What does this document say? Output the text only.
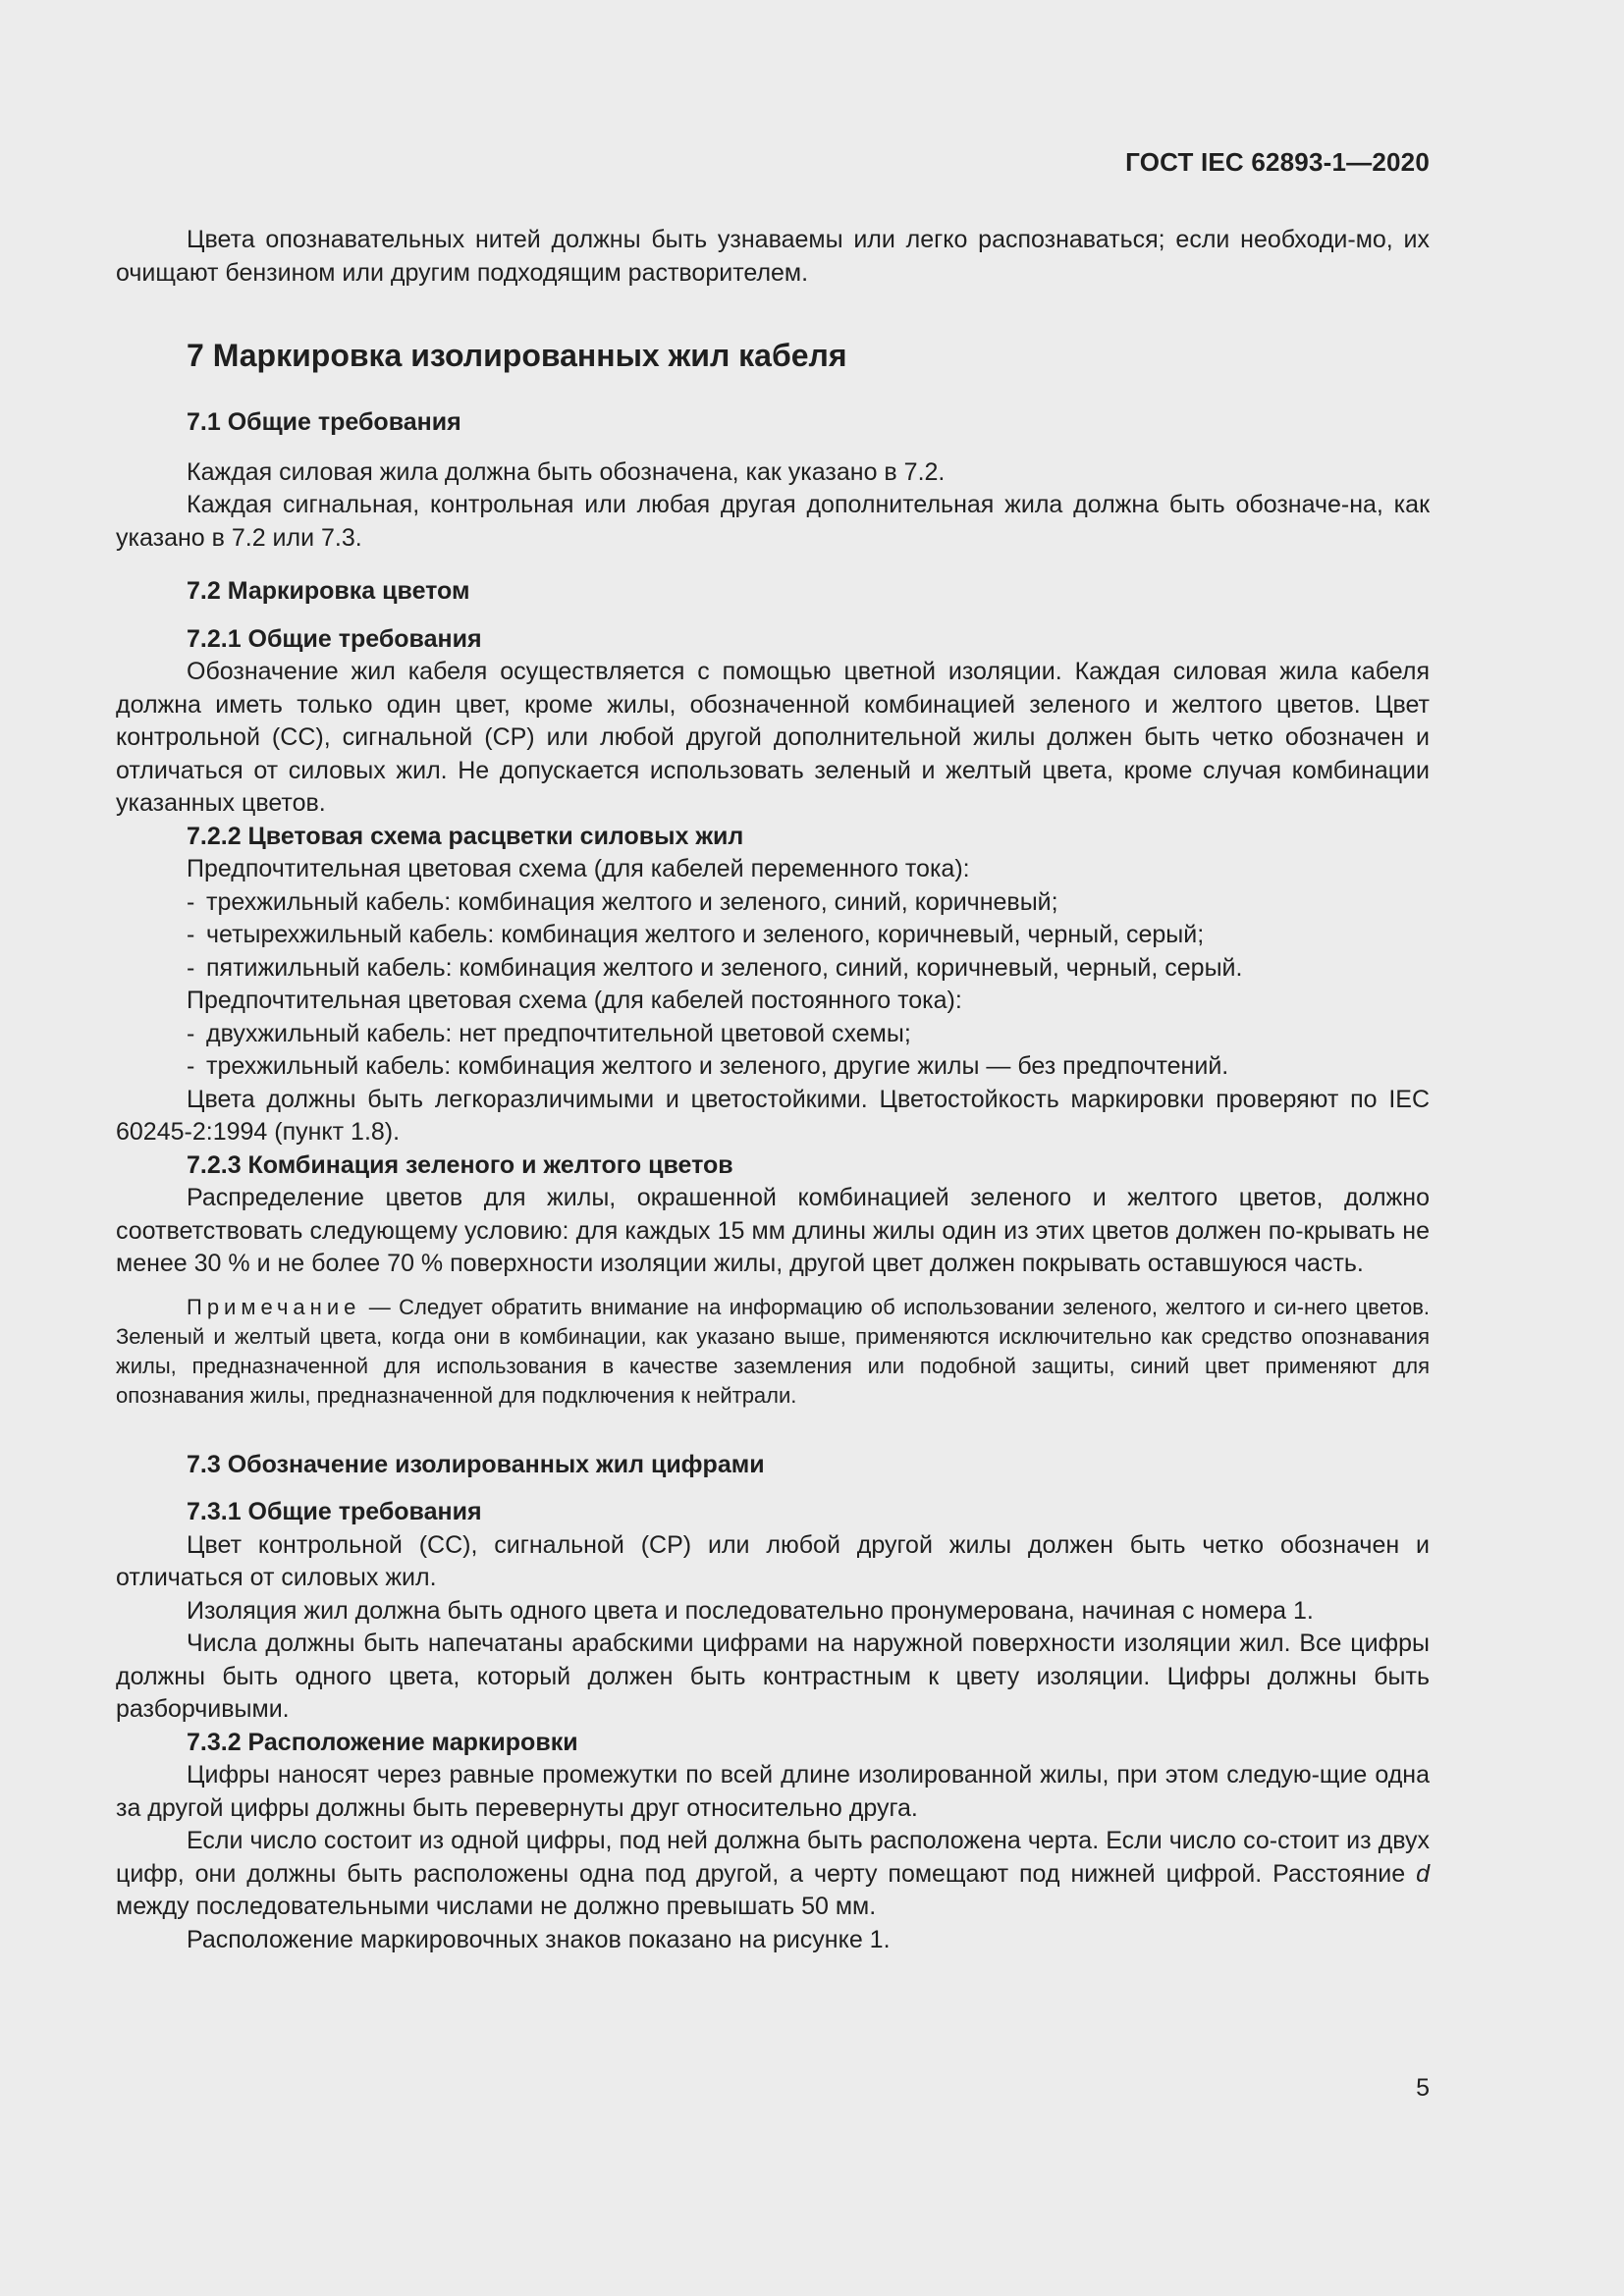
ГОСТ IEC 62893-1—2020

Цвета опознавательных нитей должны быть узнаваемы или легко распознаваться; если необходи-мо, их очищают бензином или другим подходящим растворителем.

7 Маркировка изолированных жил кабеля
7.1 Общие требования

Каждая силовая жила должна быть обозначена, как указано в 7.2.

Каждая сигнальная, контрольная или любая другая дополнительная жила должна быть обозначе-на, как указано в 7.2 или 7.3.

7.2 Маркировка цветом
7.2.1 Общие требования

Обозначение жил кабеля осуществляется с помощью цветной изоляции. Каждая силовая жила кабеля должна иметь только один цвет, кроме жилы, обозначенной комбинацией зеленого и желтого цветов. Цвет контрольной (CC), сигнальной (CP) или любой другой дополнительной жилы должен быть четко обозначен и отличаться от силовых жил. Не допускается использовать зеленый и желтый цвета, кроме случая комбинации указанных цветов.

7.2.2 Цветовая схема расцветки силовых жил

Предпочтительная цветовая схема (для кабелей переменного тока):

- трехжильный кабель: комбинация желтого и зеленого, синий, коричневый;
- четырехжильный кабель: комбинация желтого и зеленого, коричневый, черный, серый;
- пятижильный кабель: комбинация желтого и зеленого, синий, коричневый, черный, серый.

Предпочтительная цветовая схема (для кабелей постоянного тока):

- двухжильный кабель: нет предпочтительной цветовой схемы;
- трехжильный кабель: комбинация желтого и зеленого, другие жилы — без предпочтений.

Цвета должны быть легкоразличимыми и цветостойкими. Цветостойкость маркировки проверяют по IEC 60245-2:1994 (пункт 1.8).

7.2.3 Комбинация зеленого и желтого цветов

Распределение цветов для жилы, окрашенной комбинацией зеленого и желтого цветов, должно соответствовать следующему условию: для каждых 15 мм длины жилы один из этих цветов должен по-крывать не менее 30 % и не более 70 % поверхности изоляции жилы, другой цвет должен покрывать оставшуюся часть.

Примечание — Следует обратить внимание на информацию об использовании зеленого, желтого и си-него цветов. Зеленый и желтый цвета, когда они в комбинации, как указано выше, применяются исключительно как средство опознавания жилы, предназначенной для использования в качестве заземления или подобной защиты, синий цвет применяют для опознавания жилы, предназначенной для подключения к нейтрали.

7.3 Обозначение изолированных жил цифрами
7.3.1 Общие требования

Цвет контрольной (CC), сигнальной (CP) или любой другой жилы должен быть четко обозначен и отличаться от силовых жил.

Изоляция жил должна быть одного цвета и последовательно пронумерована, начиная с номера 1.

Числа должны быть напечатаны арабскими цифрами на наружной поверхности изоляции жил. Все цифры должны быть одного цвета, который должен быть контрастным к цвету изоляции. Цифры должны быть разборчивыми.

7.3.2 Расположение маркировки

Цифры наносят через равные промежутки по всей длине изолированной жилы, при этом следую-щие одна за другой цифры должны быть перевернуты друг относительно друга.

Если число состоит из одной цифры, под ней должна быть расположена черта. Если число со-стоит из двух цифр, они должны быть расположены одна под другой, а черту помещают под нижней цифрой. Расстояние d между последовательными числами не должно превышать 50 мм.

Расположение маркировочных знаков показано на рисунке 1.

5
